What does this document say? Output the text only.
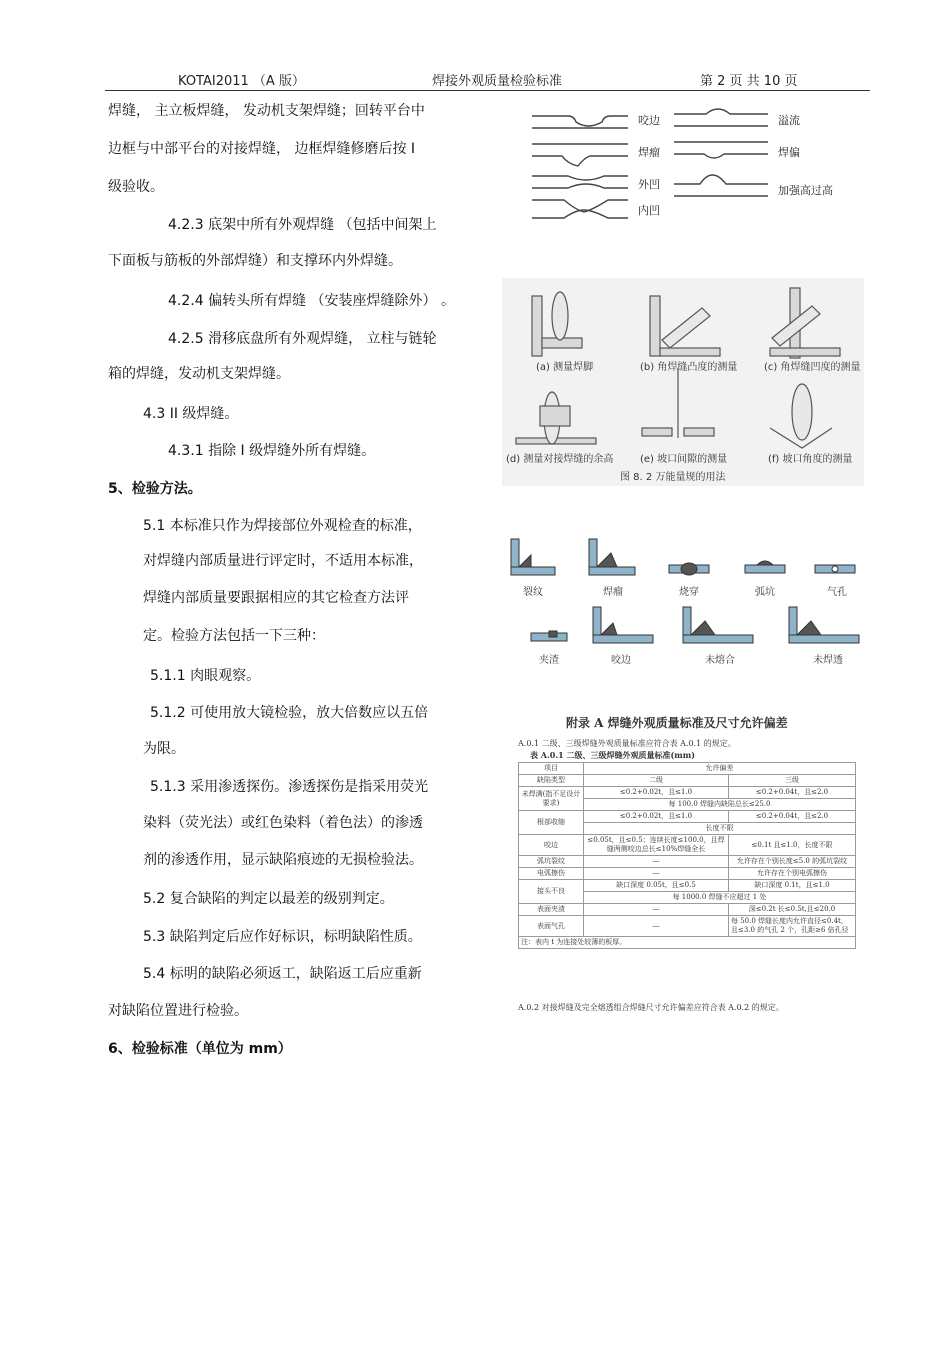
KOTAI2011 （A 版）	焊接外观质量检验标准	第 2 页 共 10 页
焊缝， 主立板焊缝， 发动机支架焊缝；回转平台中
边框与中部平台的对接焊缝， 边框焊缝修磨后按 I
级验收。
4.2.3 底架中所有外观焊缝 （包括中间架上
下面板与筋板的外部焊缝）和支撑环内外焊缝。
4.2.4 偏转头所有焊缝 （安装座焊缝除外） 。
4.2.5 滑移底盘所有外观焊缝， 立柱与链轮
箱的焊缝，发动机支架焊缝。
4.3 II 级焊缝。
4.3.1 指除 I 级焊缝外所有焊缝。
5、检验方法。
5.1 本标准只作为焊接部位外观检查的标准，
对焊缝内部质量进行评定时，不适用本标准，
焊缝内部质量要跟据相应的其它检查方法评
定。检验方法包括一下三种：
5.1.1 肉眼观察。
5.1.2 可使用放大镜检验，放大倍数应以五倍
为限。
5.1.3 采用渗透探伤。渗透探伤是指采用荧光
染料（荧光法）或红色染料（着色法）的渗透
剂的渗透作用，显示缺陷痕迹的无损检验法。
5.2 复合缺陷的判定以最差的级别判定。
5.3 缺陷判定后应作好标识，标明缺陷性质。
5.4 标明的缺陷必须返工，缺陷返工后应重新
对缺陷位置进行检验。
6、检验标准（单位为 mm）
咬边	溢流
焊瘤	焊偏
外凹	加强高过高
内凹
(a) 测量焊脚	(b) 角焊缝凸度的测量	(c) 角焊缝凹度的测量
(d) 测量对接焊缝的余高	(e) 坡口间隙的测量	(f) 坡口角度的测量
图 8. 2 万能量规的用法
裂纹	焊瘤	烧穿	弧坑	气孔
夹渣	咬边	未熔合	未焊透
附录 A 焊缝外观质量标准及尺寸允许偏差
A.0.1 二级、三级焊缝外观质量标准应符合表 A.0.1 的规定。
表 A.0.1 二级、三级焊缝外观质量标准(mm)
项目	允许偏差	
缺陷类型	二级	三级
未焊满(指不足设计要求)	≤0.2+0.02t，且≤1.0	≤0.2+0.04t，且≤2.0
	每 100.0 焊缝内缺陷总长≤25.0	
根部收缩	≤0.2+0.02t，且≤1.0	≤0.2+0.04t，且≤2.0
	长度不限	
咬边	≤0.05t，且≤0.5；连续长度≤100.0，且焊缝两侧咬边总长≤10%焊缝全长	≤0.1t 且≤1.0，长度不限
弧坑裂纹	—	允许存在个别长度≤5.0 的弧坑裂纹
电弧擦伤	—	允许存在个别电弧擦伤
接头不良	缺口深度 0.05t，且≤0.5	缺口深度 0.1t，且≤1.0
	每 1000.0 焊缝不应超过 1 处	
表面夹渣	—	深≤0.2t 长≤0.5t,且≤20.0
表面气孔	—	每 50.0 焊缝长度内允许直径≤0.4t，且≤3.0 的气孔 2 个，孔距≥6 倍孔径
注：表内 t 为连接处较薄的板厚。		
A.0.2 对接焊缝及完全熔透组合焊缝尺寸允许偏差应符合表 A.0.2 的规定。
